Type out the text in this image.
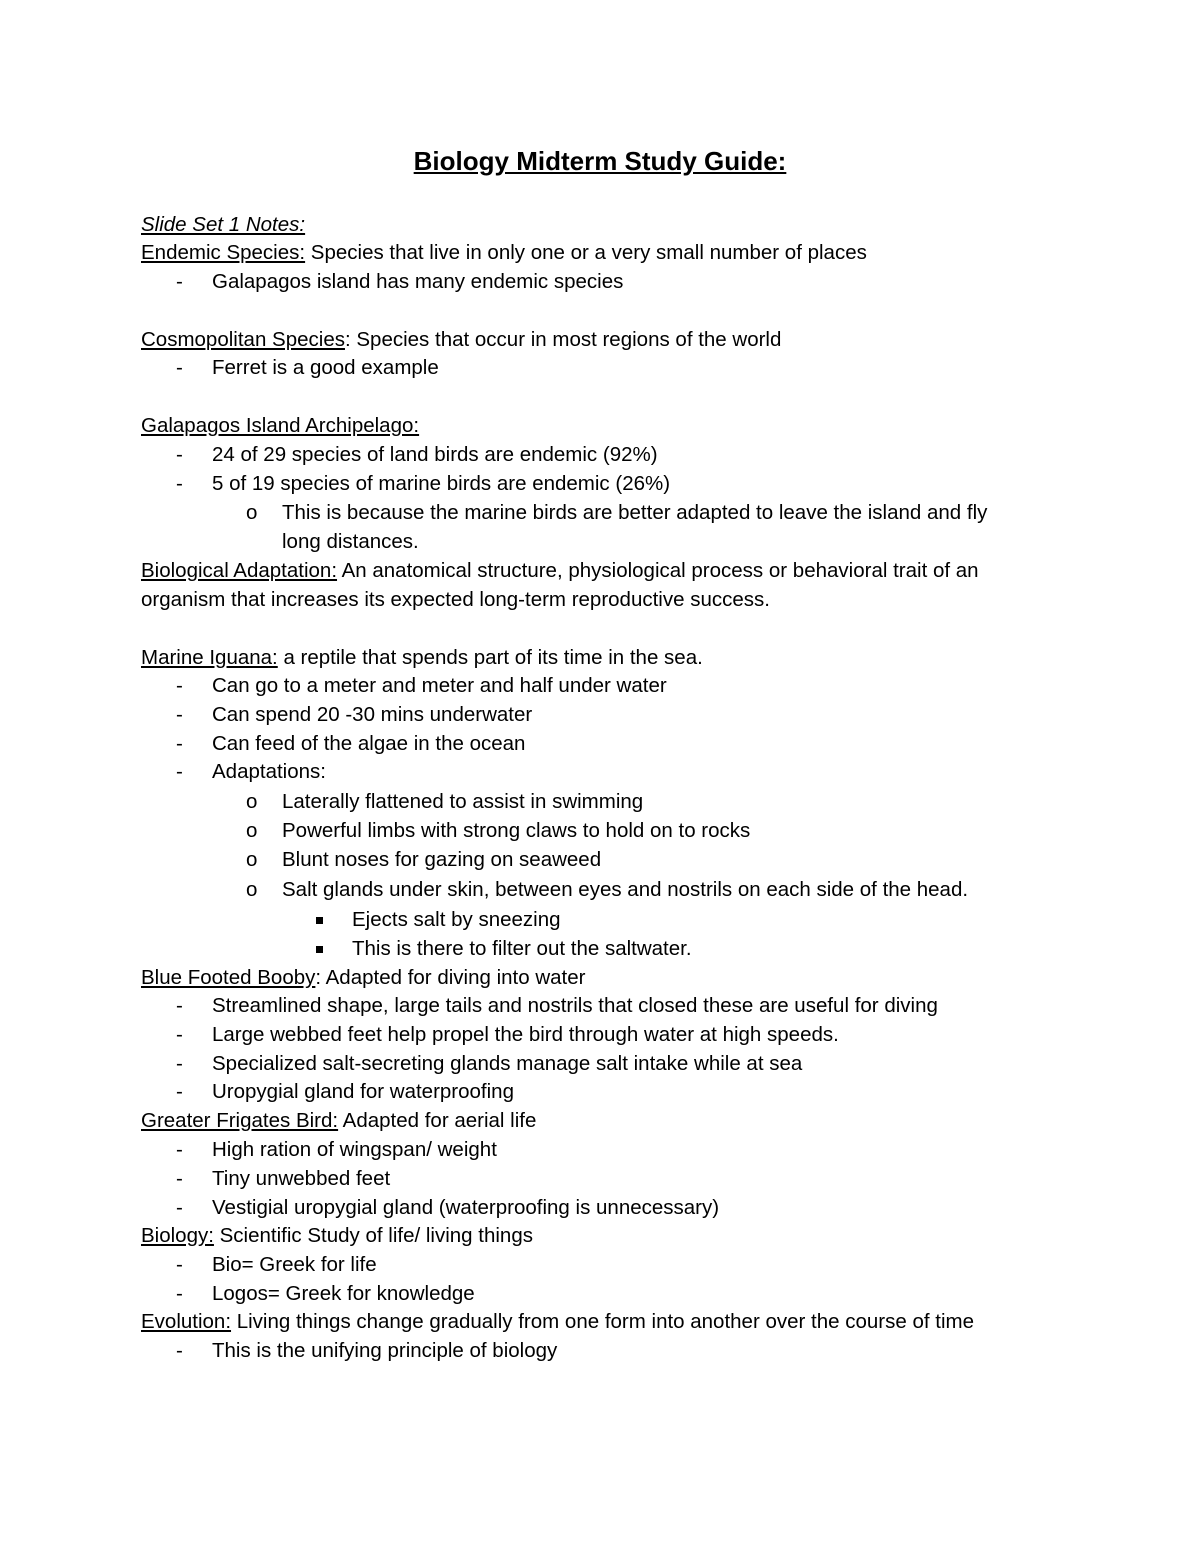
Biology Midterm Study Guide:
Slide Set 1 Notes:
Endemic Species: Species that live in only one or a very small number of places
- Galapagos island has many endemic species
Cosmopolitan Species: Species that occur in most regions of the world
- Ferret is a good example
Galapagos Island Archipelago:
- 24 of 29 species of land birds are endemic (92%)
- 5 of 19 species of marine birds are endemic (26%)
o This is because the marine birds are better adapted to leave the island and fly
long distances.
Biological Adaptation: An anatomical structure, physiological process or behavioral trait of an
organism that increases its expected long-term reproductive success.
Marine Iguana: a reptile that spends part of its time in the sea.
- Can go to a meter and meter and half under water
- Can spend 20 -30 mins underwater
- Can feed of the algae in the ocean
- Adaptations:
o Laterally flattened to assist in swimming
o Powerful limbs with strong claws to hold on to rocks
o Blunt noses for gazing on seaweed
o Salt glands under skin, between eyes and nostrils on each side of the head.
Ejects salt by sneezing
This is there to filter out the saltwater.
Blue Footed Booby: Adapted for diving into water
- Streamlined shape, large tails and nostrils that closed these are useful for diving
- Large webbed feet help propel the bird through water at high speeds.
- Specialized salt-secreting glands manage salt intake while at sea
- Uropygial gland for waterproofing
Greater Frigates Bird: Adapted for aerial life
- High ration of wingspan/ weight
- Tiny unwebbed feet
- Vestigial uropygial gland (waterproofing is unnecessary)
Biology: Scientific Study of life/ living things
- Bio= Greek for life
- Logos= Greek for knowledge
Evolution: Living things change gradually from one form into another over the course of time
- This is the unifying principle of biology
